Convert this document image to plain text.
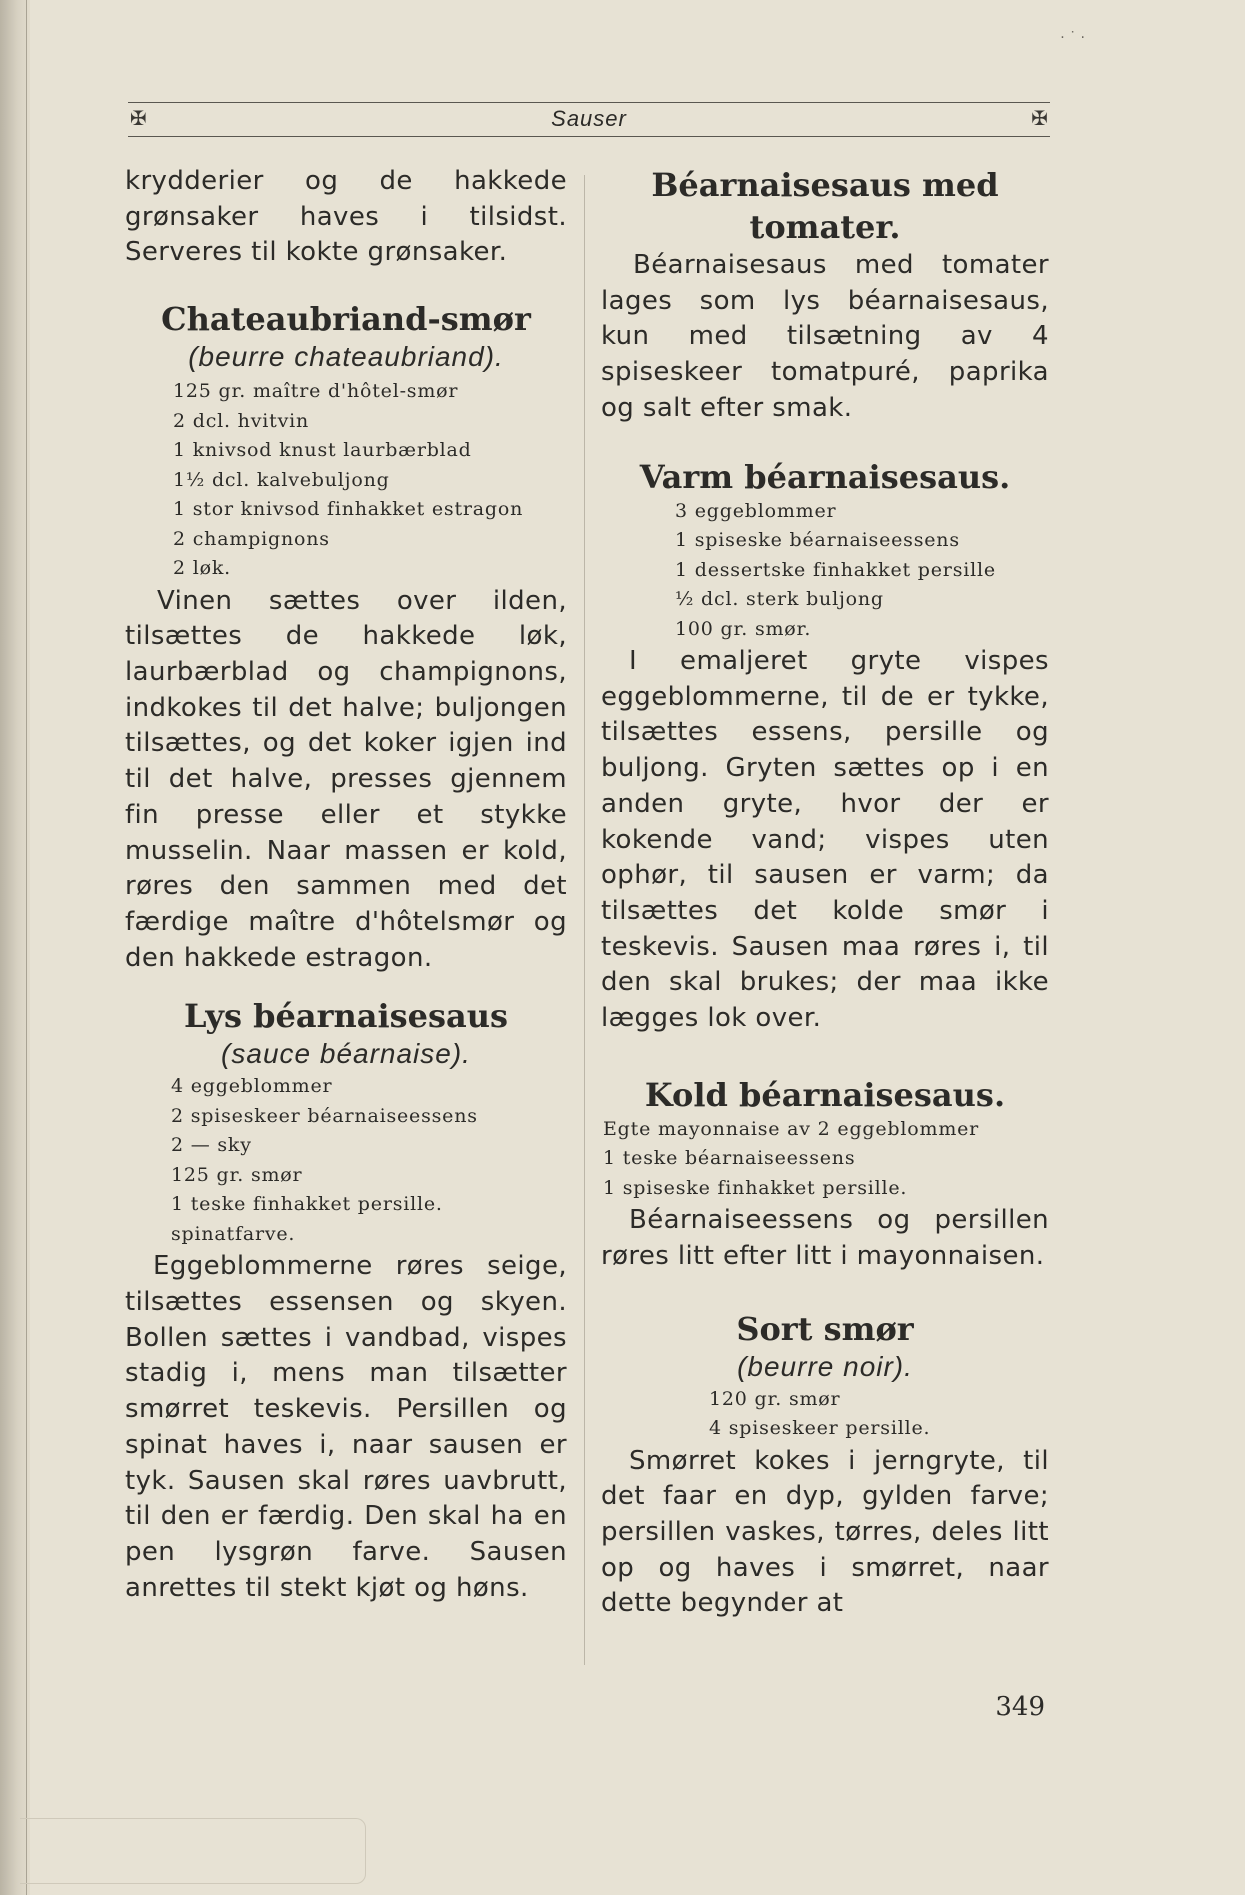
· ˙ ·
✠	Sauser	✠

krydderier og de hakkede grønsaker haves i tilsidst. Serveres til kokte grønsaker.

Chateaubriand-smør

(beurre chateaubriand).

125 gr. maître d'hôtel-smør
2 dcl. hvitvin
1 knivsod knust laurbærblad
1½ dcl. kalvebuljong
1 stor knivsod finhakket estragon
2 champignons
2 løk.

Vinen sættes over ilden, tilsættes de hakkede løk, laurbærblad og champignons, indkokes til det halve; buljongen tilsættes, og det koker igjen ind til det halve, presses gjennem fin presse eller et stykke musselin. Naar massen er kold, røres den sammen med det færdige maître d'hôtelsmør og den hakkede estragon.

Lys béarnaisesaus

(sauce béarnaise).

4 eggeblommer
2 spiseskeer béarnaiseessens
2 — sky
125 gr. smør
1 teske finhakket persille.
spinatfarve.

Eggeblommerne røres seige, tilsættes essensen og skyen. Bollen sættes i vandbad, vispes stadig i, mens man tilsætter smørret teskevis. Persillen og spinat haves i, naar sausen er tyk. Sausen skal røres uavbrutt, til den er færdig. Den skal ha en pen lysgrøn farve. Sausen anrettes til stekt kjøt og høns.

Béarnaisesaus med tomater.

Béarnaisesaus med tomater lages som lys béarnaisesaus, kun med tilsætning av 4 spiseskeer tomatpuré, paprika og salt efter smak.

Varm béarnaisesaus.
3 eggeblommer
1 spiseske béarnaiseessens
1 dessertske finhakket persille
½ dcl. sterk buljong
100 gr. smør.

I emaljeret gryte vispes eggeblommerne, til de er tykke, tilsættes essens, persille og buljong. Gryten sættes op i en anden gryte, hvor der er kokende vand; vispes uten ophør, til sausen er varm; da tilsættes det kolde smør i teskevis. Sausen maa røres i, til den skal brukes; der maa ikke lægges lok over.

Kold béarnaisesaus.
Egte mayonnaise av 2 eggeblommer
1 teske béarnaiseessens
1 spiseske finhakket persille.

Béarnaiseessens og persillen røres litt efter litt i mayonnaisen.

Sort smør

(beurre noir).

120 gr. smør
4 spiseskeer persille.

Smørret kokes i jerngryte, til det faar en dyp, gylden farve; persillen vaskes, tørres, deles litt op og haves i smørret, naar dette begynder at

349
